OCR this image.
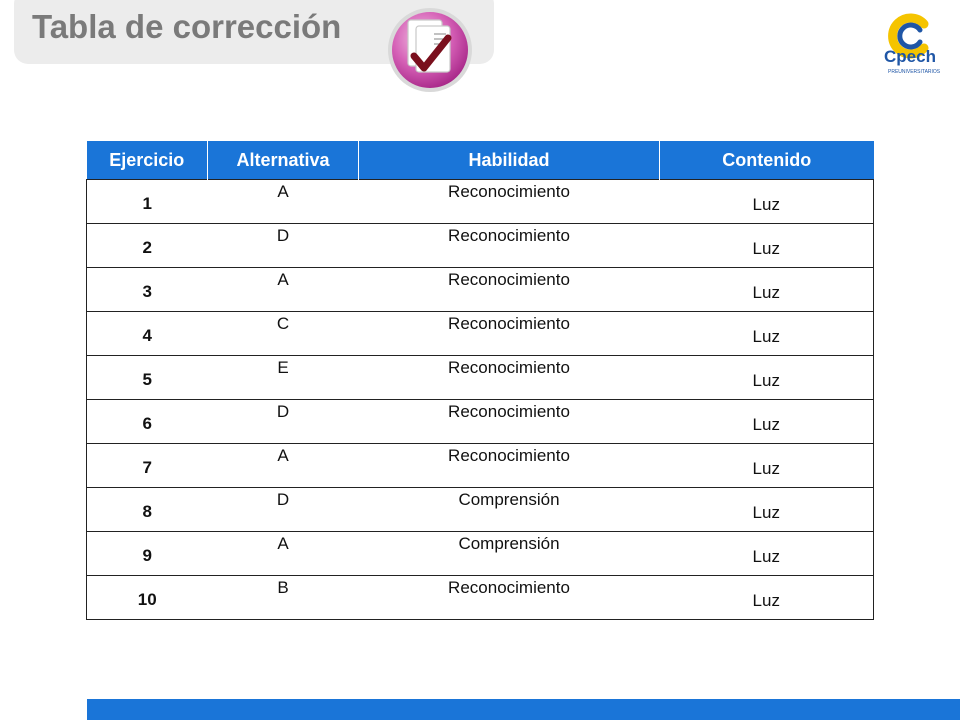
Tabla de corrección
Cpech
PREUNIVERSITARIOS
Ejercicio	Alternativa	Habilidad	Contenido
1	A	Reconocimiento	Luz
2	D	Reconocimiento	Luz
3	A	Reconocimiento	Luz
4	C	Reconocimiento	Luz
5	E	Reconocimiento	Luz
6	D	Reconocimiento	Luz
7	A	Reconocimiento	Luz
8	D	Comprensión	Luz
9	A	Comprensión	Luz
10	B	Reconocimiento	Luz
